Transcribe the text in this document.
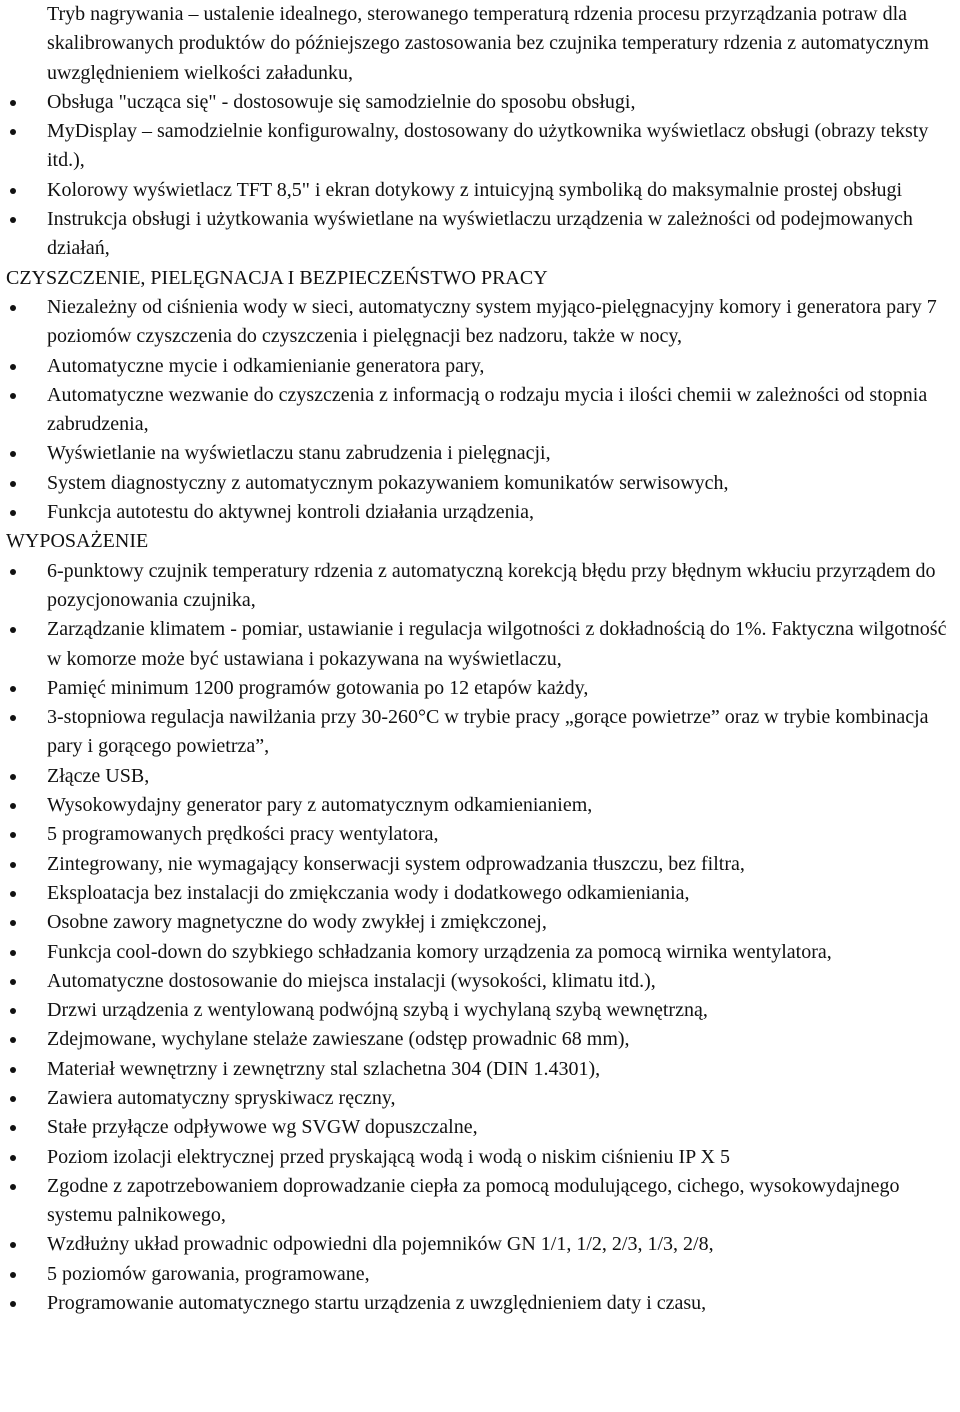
Tryb nagrywania – ustalenie idealnego, sterowanego temperaturą rdzenia procesu przyrządzania potraw dla skalibrowanych produktów do późniejszego zastosowania bez czujnika temperatury rdzenia z automatycznym uwzględnieniem wielkości załadunku,
Obsługa "ucząca się" - dostosowuje się samodzielnie do sposobu obsługi,
MyDisplay – samodzielnie konfigurowalny, dostosowany do użytkownika wyświetlacz obsługi (obrazy teksty itd.),
Kolorowy wyświetlacz TFT 8,5" i ekran dotykowy z intuicyjną symboliką do maksymalnie prostej obsługi
Instrukcja obsługi i użytkowania wyświetlane na wyświetlaczu urządzenia w zależności od podejmowanych działań,
CZYSZCZENIE, PIELĘGNACJA I BEZPIECZEŃSTWO PRACY
Niezależny od ciśnienia wody w sieci, automatyczny system myjąco-pielęgnacyjny komory i generatora pary 7 poziomów czyszczenia do czyszczenia i pielęgnacji bez nadzoru, także w nocy,
Automatyczne mycie i odkamienianie generatora pary,
Automatyczne wezwanie do czyszczenia z informacją o rodzaju mycia i ilości chemii w zależności od stopnia zabrudzenia,
Wyświetlanie na wyświetlaczu stanu zabrudzenia i pielęgnacji,
System diagnostyczny z automatycznym pokazywaniem komunikatów serwisowych,
Funkcja autotestu do aktywnej kontroli działania urządzenia,
WYPOSAŻENIE
6-punktowy czujnik temperatury rdzenia z automatyczną korekcją błędu przy błędnym wkłuciu przyrządem do pozycjonowania czujnika,
Zarządzanie klimatem - pomiar, ustawianie i regulacja wilgotności z dokładnością do 1%. Faktyczna wilgotność w komorze może być ustawiana i pokazywana na wyświetlaczu,
Pamięć minimum 1200 programów gotowania po 12 etapów każdy,
3-stopniowa regulacja nawilżania przy 30-260°C w trybie pracy „gorące powietrze” oraz w trybie kombinacja pary i gorącego powietrza”,
Złącze USB,
Wysokowydajny generator pary z automatycznym odkamienianiem,
5 programowanych prędkości pracy wentylatora,
Zintegrowany, nie wymagający konserwacji system odprowadzania tłuszczu, bez filtra,
Eksploatacja bez instalacji do zmiękczania wody i dodatkowego odkamieniania,
Osobne zawory magnetyczne do wody zwykłej i zmiękczonej,
Funkcja cool-down do szybkiego schładzania komory urządzenia za pomocą wirnika wentylatora,
Automatyczne dostosowanie do miejsca instalacji (wysokości, klimatu itd.),
Drzwi urządzenia z wentylowaną podwójną szybą i wychylaną szybą wewnętrzną,
Zdejmowane, wychylane stelaże zawieszane (odstęp prowadnic 68 mm),
Materiał wewnętrzny i zewnętrzny stal szlachetna 304 (DIN 1.4301),
Zawiera automatyczny spryskiwacz ręczny,
Stałe przyłącze odpływowe wg SVGW dopuszczalne,
Poziom izolacji elektrycznej przed pryskającą wodą i wodą o niskim ciśnieniu IP X 5
Zgodne z zapotrzebowaniem doprowadzanie ciepła za pomocą modulującego, cichego, wysokowydajnego systemu palnikowego,
Wzdłużny układ prowadnic odpowiedni dla pojemników GN 1/1, 1/2, 2/3, 1/3, 2/8,
5 poziomów garowania, programowane,
Programowanie automatycznego startu urządzenia z uwzględnieniem daty i czasu,
